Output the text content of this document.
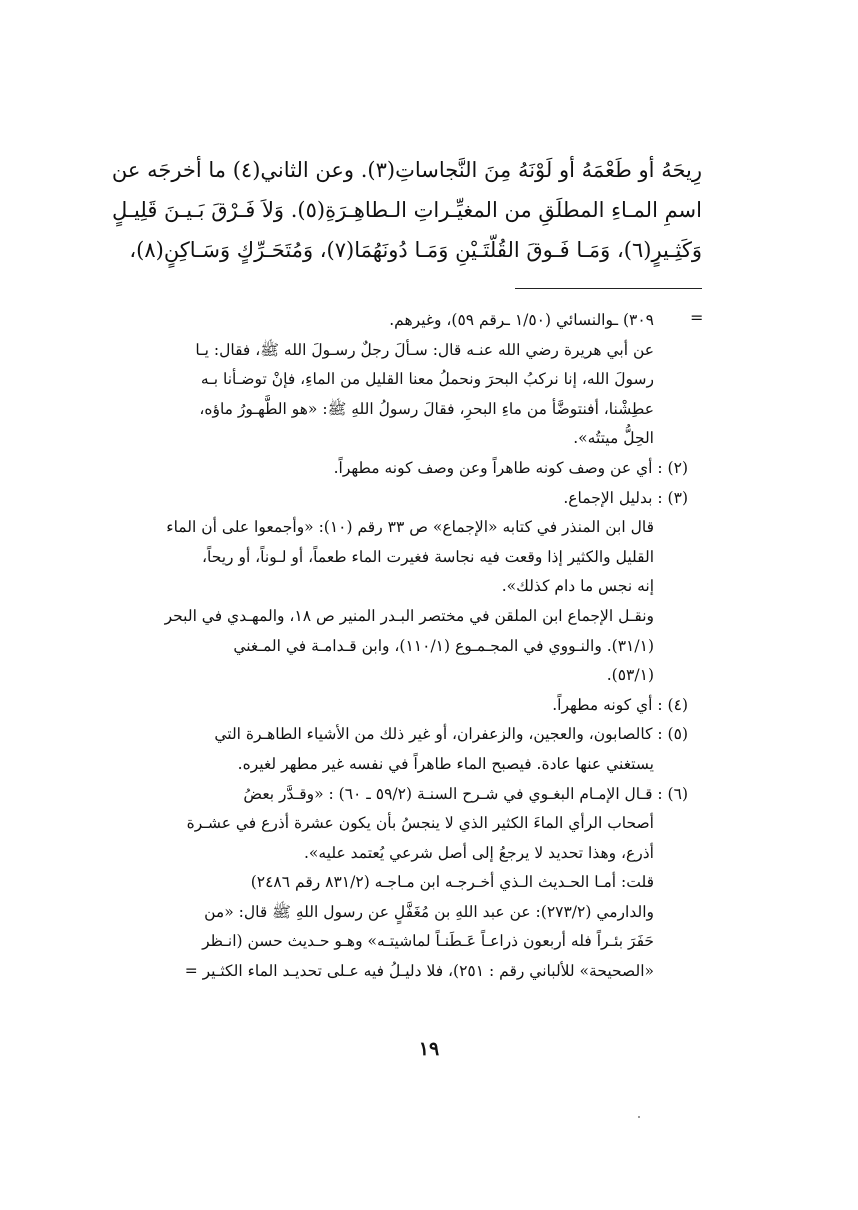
رِيحَهُ أو طَعْمَهُ أو لَوْنَهُ مِنَ النَّجاساتِ(٣). وعن الثاني(٤) ما أخرجَه عن
اسمِ المـاءِ المطلَقِ من المغيِّـراتِ الـطاهِـرَةِ(٥). وَلاَ فَـرْقَ بَـيـنَ قَلِيـلٍ
وَكَثِـيرٍ(٦)، وَمَـا فَـوقَ القُلّتَـيْنِ وَمَـا دُونَهُمَا(٧)، وَمُتَحَـرِّكٍ وَسَـاكِنٍ(٨)،
=
٣٠٩) ـوالنسائي (١/٥٠ ـرقم ٥٩)، وغيرهم.
عن أبي هريرة رضي الله عنـه قال: سـألَ رجلٌ رسـولَ الله ﷺ، فقال: يـا
رسولَ الله، إنا نركبُ البحرَ ونحملُ معنا القليل من الماءِ، فإنْ توضـأنا بـه
عطِشْنا، أفنتوضَّأ من ماءِ البحرِ، فقالَ رسولُ اللهِ ﷺ: «هو الطَّهـورُ ماؤه،
الحِلُّ ميتتُه».
(٢) : أي عن وصف كونه طاهراً وعن وصف كونه مطهراً.
(٣) : بدليل الإجماع.
قال ابن المنذر في كتابه «الإجماع» ص ٣٣ رقم (١٠): «وأجمعوا على أن الماء
القليل والكثير إذا وقعت فيه نجاسة فغيرت الماء طعماً، أو لـوناً، أو ريحاً،
إنه نجس ما دام كذلك».
ونقـل الإجماع ابن الملقن في مختصر البـدر المنير ص ١٨، والمهـدي في البحر
(٣١/١). والنـووي في المجـمـوع (١١٠/١)، وابن قـدامـة في المـغني
(٥٣/١).
(٤) : أي كونه مطهراً.
(٥) : كالصابون، والعجين، والزعفران، أو غير ذلك من الأشياء الطاهـرة التي
يستغني عنها عادة. فيصبح الماء طاهراً في نفسه غير مطهر لغيره.
(٦) : قـال الإمـام البغـوي في شـرح السنـة (٥٩/٢ ـ ٦٠) : «وقـدَّر بعضُ
أصحاب الرأي الماءَ الكثير الذي لا ينجسُ بأن يكون عشرة أذرع في عشـرة
أذرع، وهذا تحديد لا يرجعُ إلى أصل شرعي يُعتمد عليه».
قلت: أمـا الحـديث الـذي أخـرجـه ابن مـاجـه (٨٣١/٢ رقم ٢٤٨٦)
والدارمي (٢٧٣/٢): عن عبد اللهِ بن مُغَفَّلٍ عن رسول اللهِ ﷺ قال: «من
حَفَرَ بئـراً فله أربعون ذراعـاً عَـطَنـاً لماشيتـه» وهـو حـديث حسن (انـظر
«الصحيحة» للألباني رقم : ٢٥١)، فلا دليـلُ فيه عـلى تحديـد الماء الكثـير =
١٩
